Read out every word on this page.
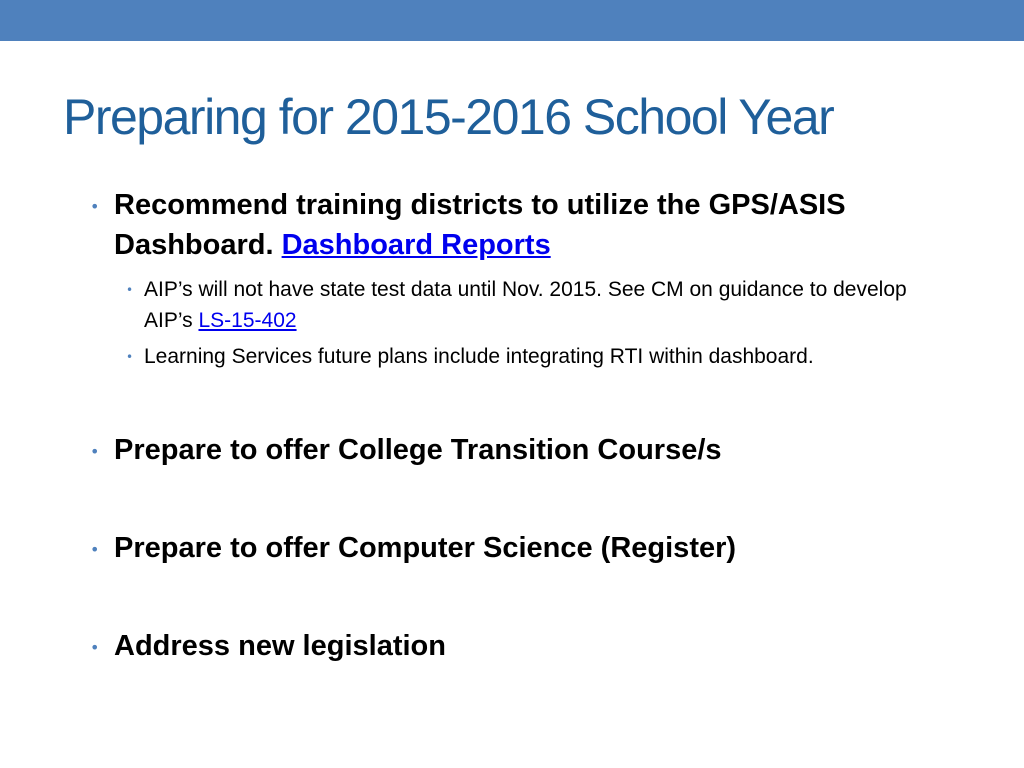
Preparing for 2015-2016 School Year
• Recommend training districts to utilize the GPS/ASIS Dashboard. Dashboard Reports
• AIP’s will not have state test data until Nov. 2015. See CM on guidance to develop AIP’s LS-15-402
• Learning Services future plans include integrating RTI within dashboard.
• Prepare to offer College Transition Course/s
• Prepare to offer Computer Science (Register)
• Address new legislation
